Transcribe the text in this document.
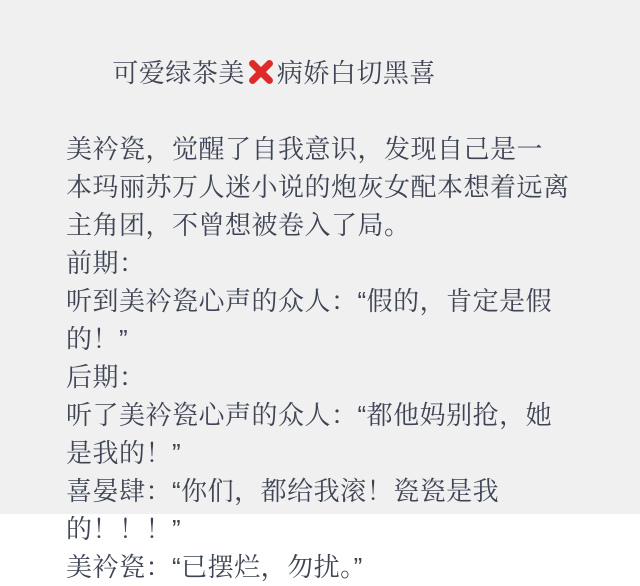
可爱绿茶美 病娇白切黑喜

美衿瓷，觉醒了自我意识，发现自己是一
本玛丽苏万人迷小说的炮灰女配本想着远离
主角团，不曾想被卷入了局。
前期：
听到美衿瓷心声的众人：“假的，肯定是假
的！”
后期：
听了美衿瓷心声的众人：“都他妈别抢，她
是我的！”
喜晏肆：“你们，都给我滚！瓷瓷是我
的！！！”
美衿瓷：“已摆烂，勿扰。”
